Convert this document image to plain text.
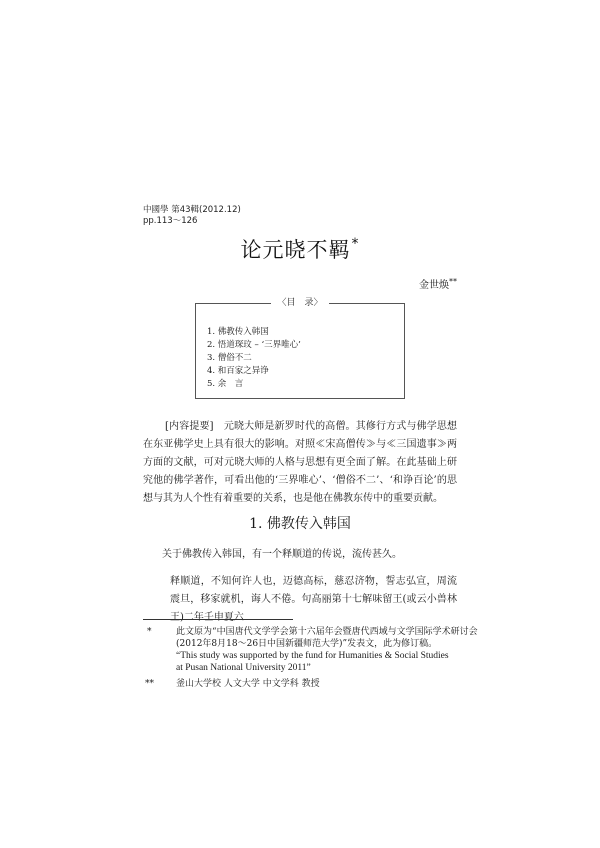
中國學 第43輯(2012.12)
pp.113～126
论元晓不羁*
金世焕**
〈目　录〉
1. 佛教传入韩国
2. 悟道琛玟 – ‘三界唯心’
3. 僧俗不二
4. 和百家之异诤
5. 余　言
[内容提要]　元晓大师是新罗时代的高僧。其修行方式与佛学思想在东亚佛学史上具有很大的影响。对照≪宋高僧传≫与≪三国遗事≫两方面的文献，可对元晓大师的人格与思想有更全面了解。在此基础上研究他的佛学著作，可看出他的‘三界唯心’、‘僧俗不二’、‘和诤百论’的思想与其为人个性有着重要的关系，也是他在佛教东传中的重要贡献。
1. 佛教传入韩国
关于佛教传入韩国，有一个释顺道的传说，流传甚久。
释顺道，不知何许人也，迈德高标，慈忍济物，誓志弘宣，周流震旦，移家就机，诲人不倦。句高丽第十七解味留王(或云小兽林王)二年壬申夏六
*	此文原为“中国唐代文学学会第十六届年会暨唐代西域与文学国际学术研讨会
(2012年8月18～26日中国新疆师范大学)”发表文，此为修订稿。
“This study was supported by the fund for Humanities & Social Studies
at Pusan National University 2011”
** 釜山大学校 人文大学 中文学科 教授
